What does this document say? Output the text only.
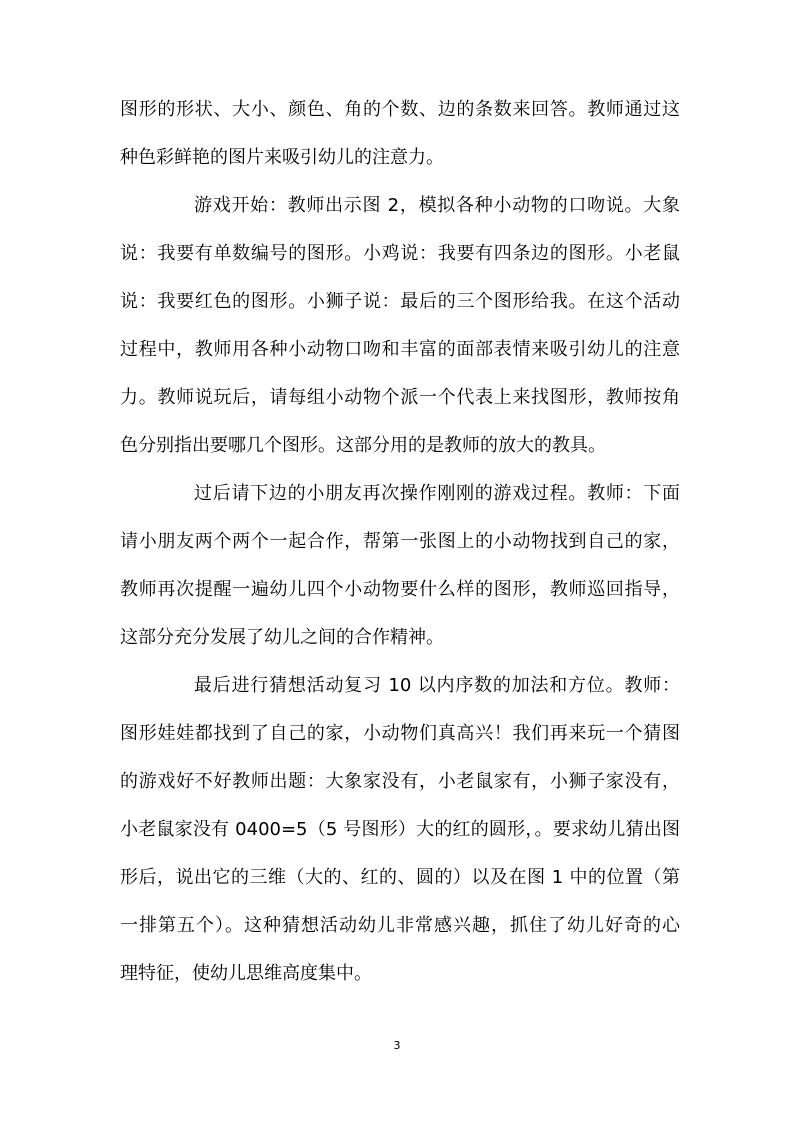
图形的形状、大小、颜色、角的个数、边的条数来回答。教师通过这
种色彩鲜艳的图片来吸引幼儿的注意力。
游戏开始：教师出示图 2，模拟各种小动物的口吻说。大象
说：我要有单数编号的图形。小鸡说：我要有四条边的图形。小老鼠
说：我要红色的图形。小狮子说：最后的三个图形给我。在这个活动
过程中，教师用各种小动物口吻和丰富的面部表情来吸引幼儿的注意
力。教师说玩后，请每组小动物个派一个代表上来找图形，教师按角
色分别指出要哪几个图形。这部分用的是教师的放大的教具。
过后请下边的小朋友再次操作刚刚的游戏过程。教师：下面
请小朋友两个两个一起合作，帮第一张图上的小动物找到自己的家，
教师再次提醒一遍幼儿四个小动物要什么样的图形，教师巡回指导，
这部分充分发展了幼儿之间的合作精神。
最后进行猜想活动复习 10 以内序数的加法和方位。教师：
图形娃娃都找到了自己的家，小动物们真高兴！我们再来玩一个猜图
的游戏好不好教师出题：大象家没有，小老鼠家有，小狮子家没有，
小老鼠家没有 0400=5（5 号图形）大的红的圆形，。要求幼儿猜出图
形后，说出它的三维（大的、红的、圆的）以及在图 1 中的位置（第
一排第五个）。这种猜想活动幼儿非常感兴趣，抓住了幼儿好奇的心
理特征，使幼儿思维高度集中。
3
